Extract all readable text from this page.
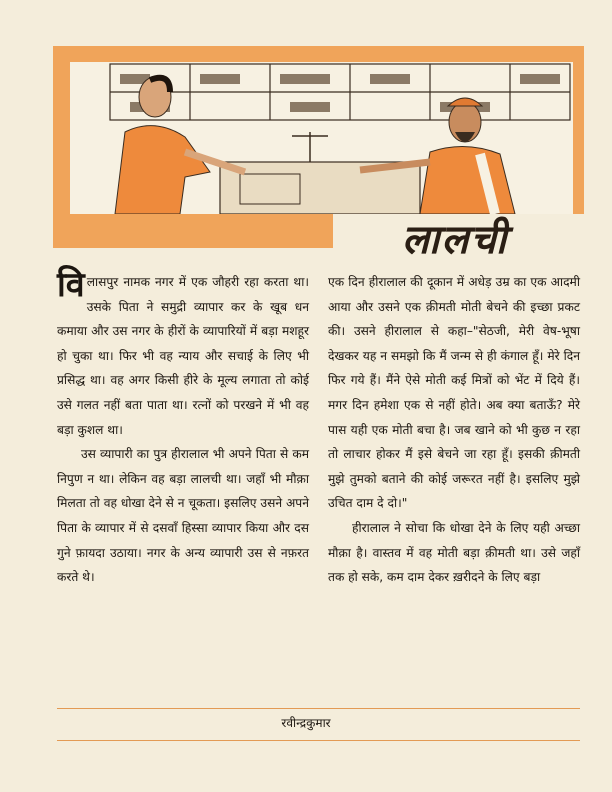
लालची

विलासपुर नामक नगर में एक जौहरी रहा करता था। उसके पिता ने समुद्री व्यापार कर के खूब धन कमाया और उस नगर के हीरों के व्यापारियों में बड़ा मशहूर हो चुका था। फिर भी वह न्याय और सचाई के लिए भी प्रसिद्ध था। वह अगर किसी हीरे के मूल्य लगाता तो कोई उसे गलत नहीं बता पाता था। रत्नों को परखने में भी वह बड़ा कुशल था।

उस व्यापारी का पुत्र हीरालाल भी अपने पिता से कम निपुण न था। लेकिन वह बड़ा लालची था। जहाँ भी मौक़ा मिलता तो वह धोखा देने से न चूकता। इसलिए उसने अपने पिता के व्यापार में से दसवाँ हिस्सा व्यापार किया और दस गुने फ़ायदा उठाया। नगर के अन्य व्यापारी उस से नफ़रत करते थे।

एक दिन हीरालाल की दूकान में अधेड़ उम्र का एक आदमी आया और उसने एक क़ीमती मोती बेचने की इच्छा प्रकट की। उसने हीरालाल से कहा–"सेठजी, मेरी वेष-भूषा देखकर यह न समझो कि मैं जन्म से ही कंगाल हूँ। मेरे दिन फिर गये हैं। मैंने ऐसे मोती कई मित्रों को भेंट में दिये हैं। मगर दिन हमेशा एक से नहीं होते। अब क्या बताऊँ? मेरे पास यही एक मोती बचा है। जब खाने को भी कुछ न रहा तो लाचार होकर मैं इसे बेचने जा रहा हूँ। इसकी क़ीमती मुझे तुमको बताने की कोई जरूरत नहीं है। इसलिए मुझे उचित दाम दे दो।"

हीरालाल ने सोचा कि धोखा देने के लिए यही अच्छा मौक़ा है। वास्तव में वह मोती बड़ा क़ीमती था। उसे जहाँ तक हो सके, कम दाम देकर ख़रीदने के लिए बड़ा

रवीन्द्रकुमार
